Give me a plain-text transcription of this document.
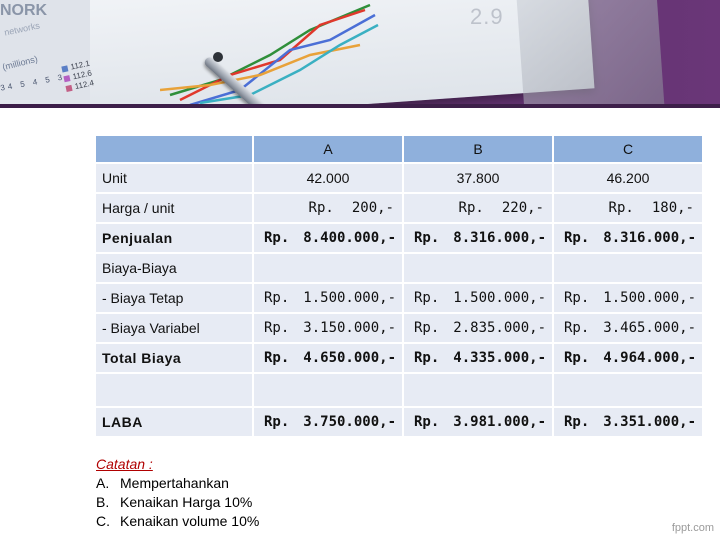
2.9
NORK
networks
(millions)	112.1
112.6
112.4
34 5 4 5 3
	A	B	C
Unit	42.000	37.800	46.200
Harga / unit	Rp. 200,-	Rp. 220,-	Rp. 180,-

Penjualan	Rp. 8.400.000,-	Rp. 8.316.000,-	Rp. 8.316.000,-

Biaya-Biaya			
- Biaya Tetap	Rp. 1.500.000,-	Rp. 1.500.000,-	Rp. 1.500.000,-

- Biaya Variabel	Rp. 3.150.000,-	Rp. 2.835.000,-	Rp. 3.465.000,-

Total Biaya	Rp. 4.650.000,-	Rp. 4.335.000,-	Rp. 4.964.000,-

LABA	Rp. 3.750.000,-	Rp. 3.981.000,-	Rp. 3.351.000,-
Catatan :
A. Mempertahankan
B. Kenaikan Harga 10%
C. Kenaikan volume 10%	fppt.com
